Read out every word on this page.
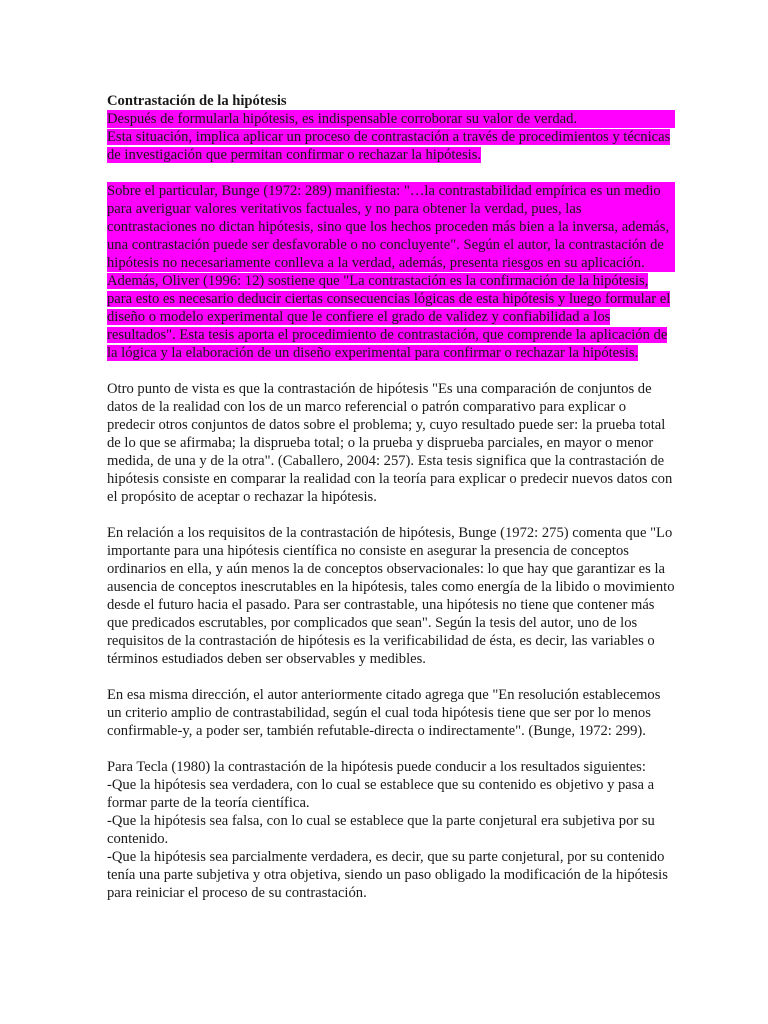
Contrastación de la hipótesis

Después de formularla hipótesis, es indispensable corroborar su valor de verdad.
Esta situación, implica aplicar un proceso de contrastación a través de procedimientos y técnicas de investigación que permitan confirmar o rechazar la hipótesis.

Sobre el particular, Bunge (1972: 289) manifiesta: "…la contrastabilidad empírica es un medio para averiguar valores veritativos factuales, y no para obtener la verdad, pues, las contrastaciones no dictan hipótesis, sino que los hechos proceden más bien a la inversa, además, una contrastación puede ser desfavorable o no concluyente". Según el autor, la contrastación de hipótesis no necesariamente conlleva a la verdad, además, presenta riesgos en su aplicación.
Además, Oliver (1996: 12) sostiene que "La contrastación es la confirmación de la hipótesis, para esto es necesario deducir ciertas consecuencias lógicas de esta hipótesis y luego formular el diseño o modelo experimental que le confiere el grado de validez y confiabilidad a los resultados". Esta tesis aporta el procedimiento de contrastación, que comprende la aplicación de la lógica y la elaboración de un diseño experimental para confirmar o rechazar la hipótesis.

Otro punto de vista es que la contrastación de hipótesis "Es una comparación de conjuntos de datos de la realidad con los de un marco referencial o patrón comparativo para explicar o predecir otros conjuntos de datos sobre el problema; y, cuyo resultado puede ser: la prueba total de lo que se afirmaba; la disprueba total; o la prueba y disprueba parciales, en mayor o menor medida, de una y de la otra". (Caballero, 2004: 257). Esta tesis significa que la contrastación de hipótesis consiste en comparar la realidad con la teoría para explicar o predecir nuevos datos con el propósito de aceptar o rechazar la hipótesis.

En relación a los requisitos de la contrastación de hipótesis, Bunge (1972: 275) comenta que "Lo importante para una hipótesis científica no consiste en asegurar la presencia de conceptos ordinarios en ella, y aún menos la de conceptos observacionales: lo que hay que garantizar es la ausencia de conceptos inescrutables en la hipótesis, tales como energía de la libido o movimiento desde el futuro hacia el pasado. Para ser contrastable, una hipótesis no tiene que contener más que predicados escrutables, por complicados que sean". Según la tesis del autor, uno de los requisitos de la contrastación de hipótesis es la verificabilidad de ésta, es decir, las variables o términos estudiados deben ser observables y medibles.

En esa misma dirección, el autor anteriormente citado agrega que "En resolución establecemos un criterio amplio de contrastabilidad, según el cual toda hipótesis tiene que ser por lo menos confirmable-y, a poder ser, también refutable-directa o indirectamente". (Bunge, 1972: 299).

Para Tecla (1980) la contrastación de la hipótesis puede conducir a los resultados siguientes:

-Que la hipótesis sea verdadera, con lo cual se establece que su contenido es objetivo y pasa a formar parte de la teoría científica.

-Que la hipótesis sea falsa, con lo cual se establece que la parte conjetural era subjetiva por su contenido.

-Que la hipótesis sea parcialmente verdadera, es decir, que su parte conjetural, por su contenido tenía una parte subjetiva y otra objetiva, siendo un paso obligado la modificación de la hipótesis para reiniciar el proceso de su contrastación.
